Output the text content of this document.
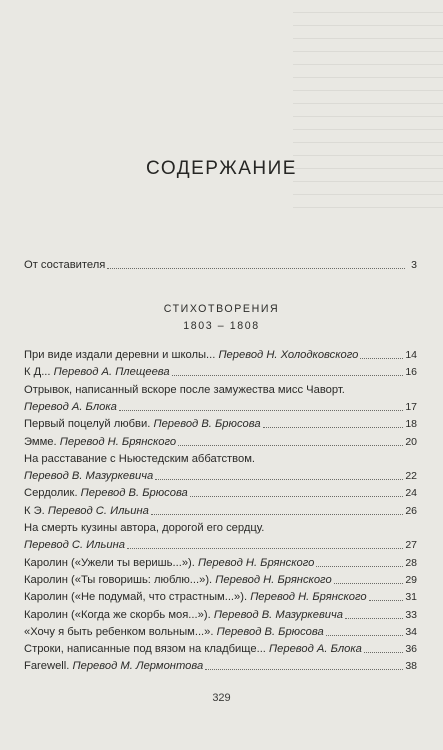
СОДЕРЖАНИЕ
От составителя	3
СТИХОТВОРЕНИЯ
1803 – 1808
При виде издали деревни и школы... Перевод Н. Холодковского	14
К Д... Перевод А. Плещеева	16
Отрывок, написанный вскоре после замужества мисс Чаворт.
Перевод А. Блока	17
Первый поцелуй любви. Перевод В. Брюсова	18
Эмме. Перевод Н. Брянского	20
На расставание с Ньюстедским аббатством.
Перевод В. Мазуркевича	22
Сердолик. Перевод В. Брюсова	24
К Э. Перевод С. Ильина	26
На смерть кузины автора, дорогой его сердцу.
Перевод С. Ильина	27
Каролин («Ужели ты веришь...»). Перевод Н. Брянского	28
Каролин («Ты говоришь: люблю...»). Перевод Н. Брянского	29
Каролин («Не подумай, что страстным...»). Перевод Н. Брянского	31
Каролин («Когда же скорбь моя...»). Перевод В. Мазуркевича	33
«Хочу я быть ребенком вольным...». Перевод В. Брюсова	34
Строки, написанные под вязом на кладбище... Перевод А. Блока	36
Farewell. Перевод М. Лермонтова	38
329
